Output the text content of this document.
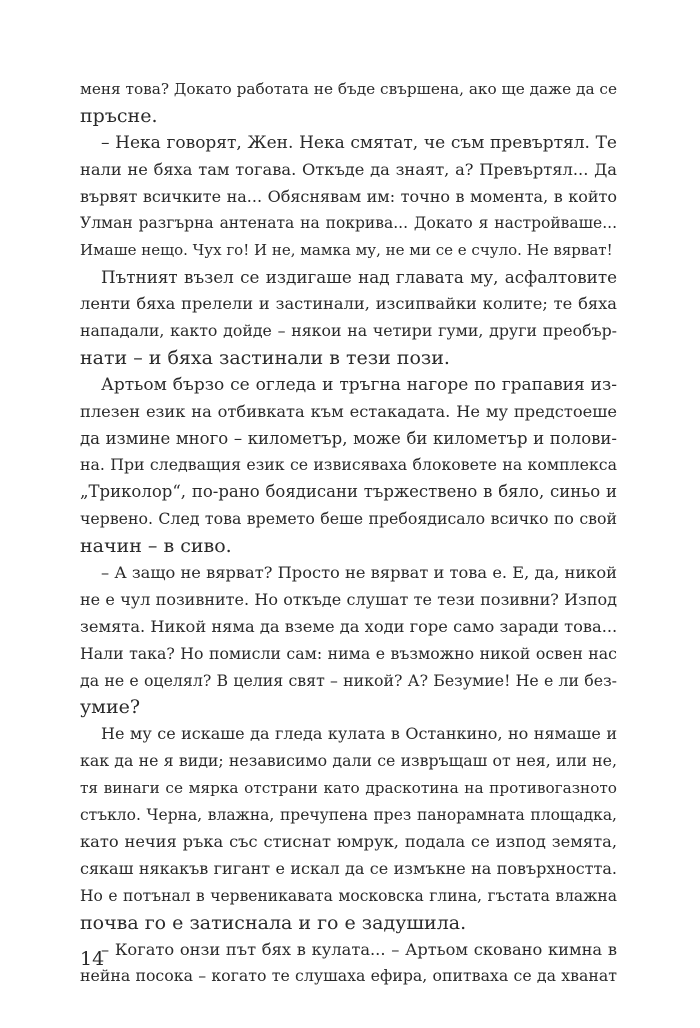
меня това? Докато работата не бъде свършена, ако ще даже да се
пръсне.
– Нека говорят, Жен. Нека смятат, че съм превъртял. Те
нали не бяха там тогава. Откъде да знаят, а? Превъртял... Да
вървят всичките на... Обяснявам им: точно в момента, в който
Улман разгърна антената на покрива... Докато я настройваше...
Имаше нещо. Чух го! И не, мамка му, не ми се е счуло. Не вярват!
Пътният възел се издигаше над главата му, асфалтовите
ленти бяха прелели и застинали, изсипвайки колите; те бяха
нападали, както дойде – някои на четири гуми, други преобър-
нати – и бяха застинали в тези пози.
Артьом бързо се огледа и тръгна нагоре по грапавия из-
плезен език на отбивката към естакадата. Не му предстоеше
да измине много – километър, може би километър и полови-
на. При следващия език се извисяваха блоковете на комплекса
„Триколор“, по-рано боядисани тържествено в бяло, синьо и
червено. След това времето беше пребоядисало всичко по свой
начин – в сиво.
– А защо не вярват? Просто не вярват и това е. Е, да, никой
не е чул позивните. Но откъде слушат те тези позивни? Изпод
земята. Никой няма да вземе да ходи горе само заради това...
Нали така? Но помисли сам: нима е възможно никой освен нас
да не е оцелял? В целия свят – никой? А? Безумие! Не е ли без-
умие?
Не му се искаше да гледа кулата в Останкино, но нямаше и
как да не я види; независимо дали се извръщаш от нея, или не,
тя винаги се мярка отстрани като драскотина на противогазното
стъкло. Черна, влажна, пречупена през панорамната площадка,
като нечия ръка със стиснат юмрук, подала се изпод земята,
сякаш някакъв гигант е искал да се измъкне на повърхността.
Но е потънал в червеникавата московска глина, гъстата влажна
почва го е затиснала и го е задушила.
– Когато онзи път бях в кулата... – Артьом сковано кимна в
нейна посока – когато те слушаха ефира, опитваха се да хванат
14
